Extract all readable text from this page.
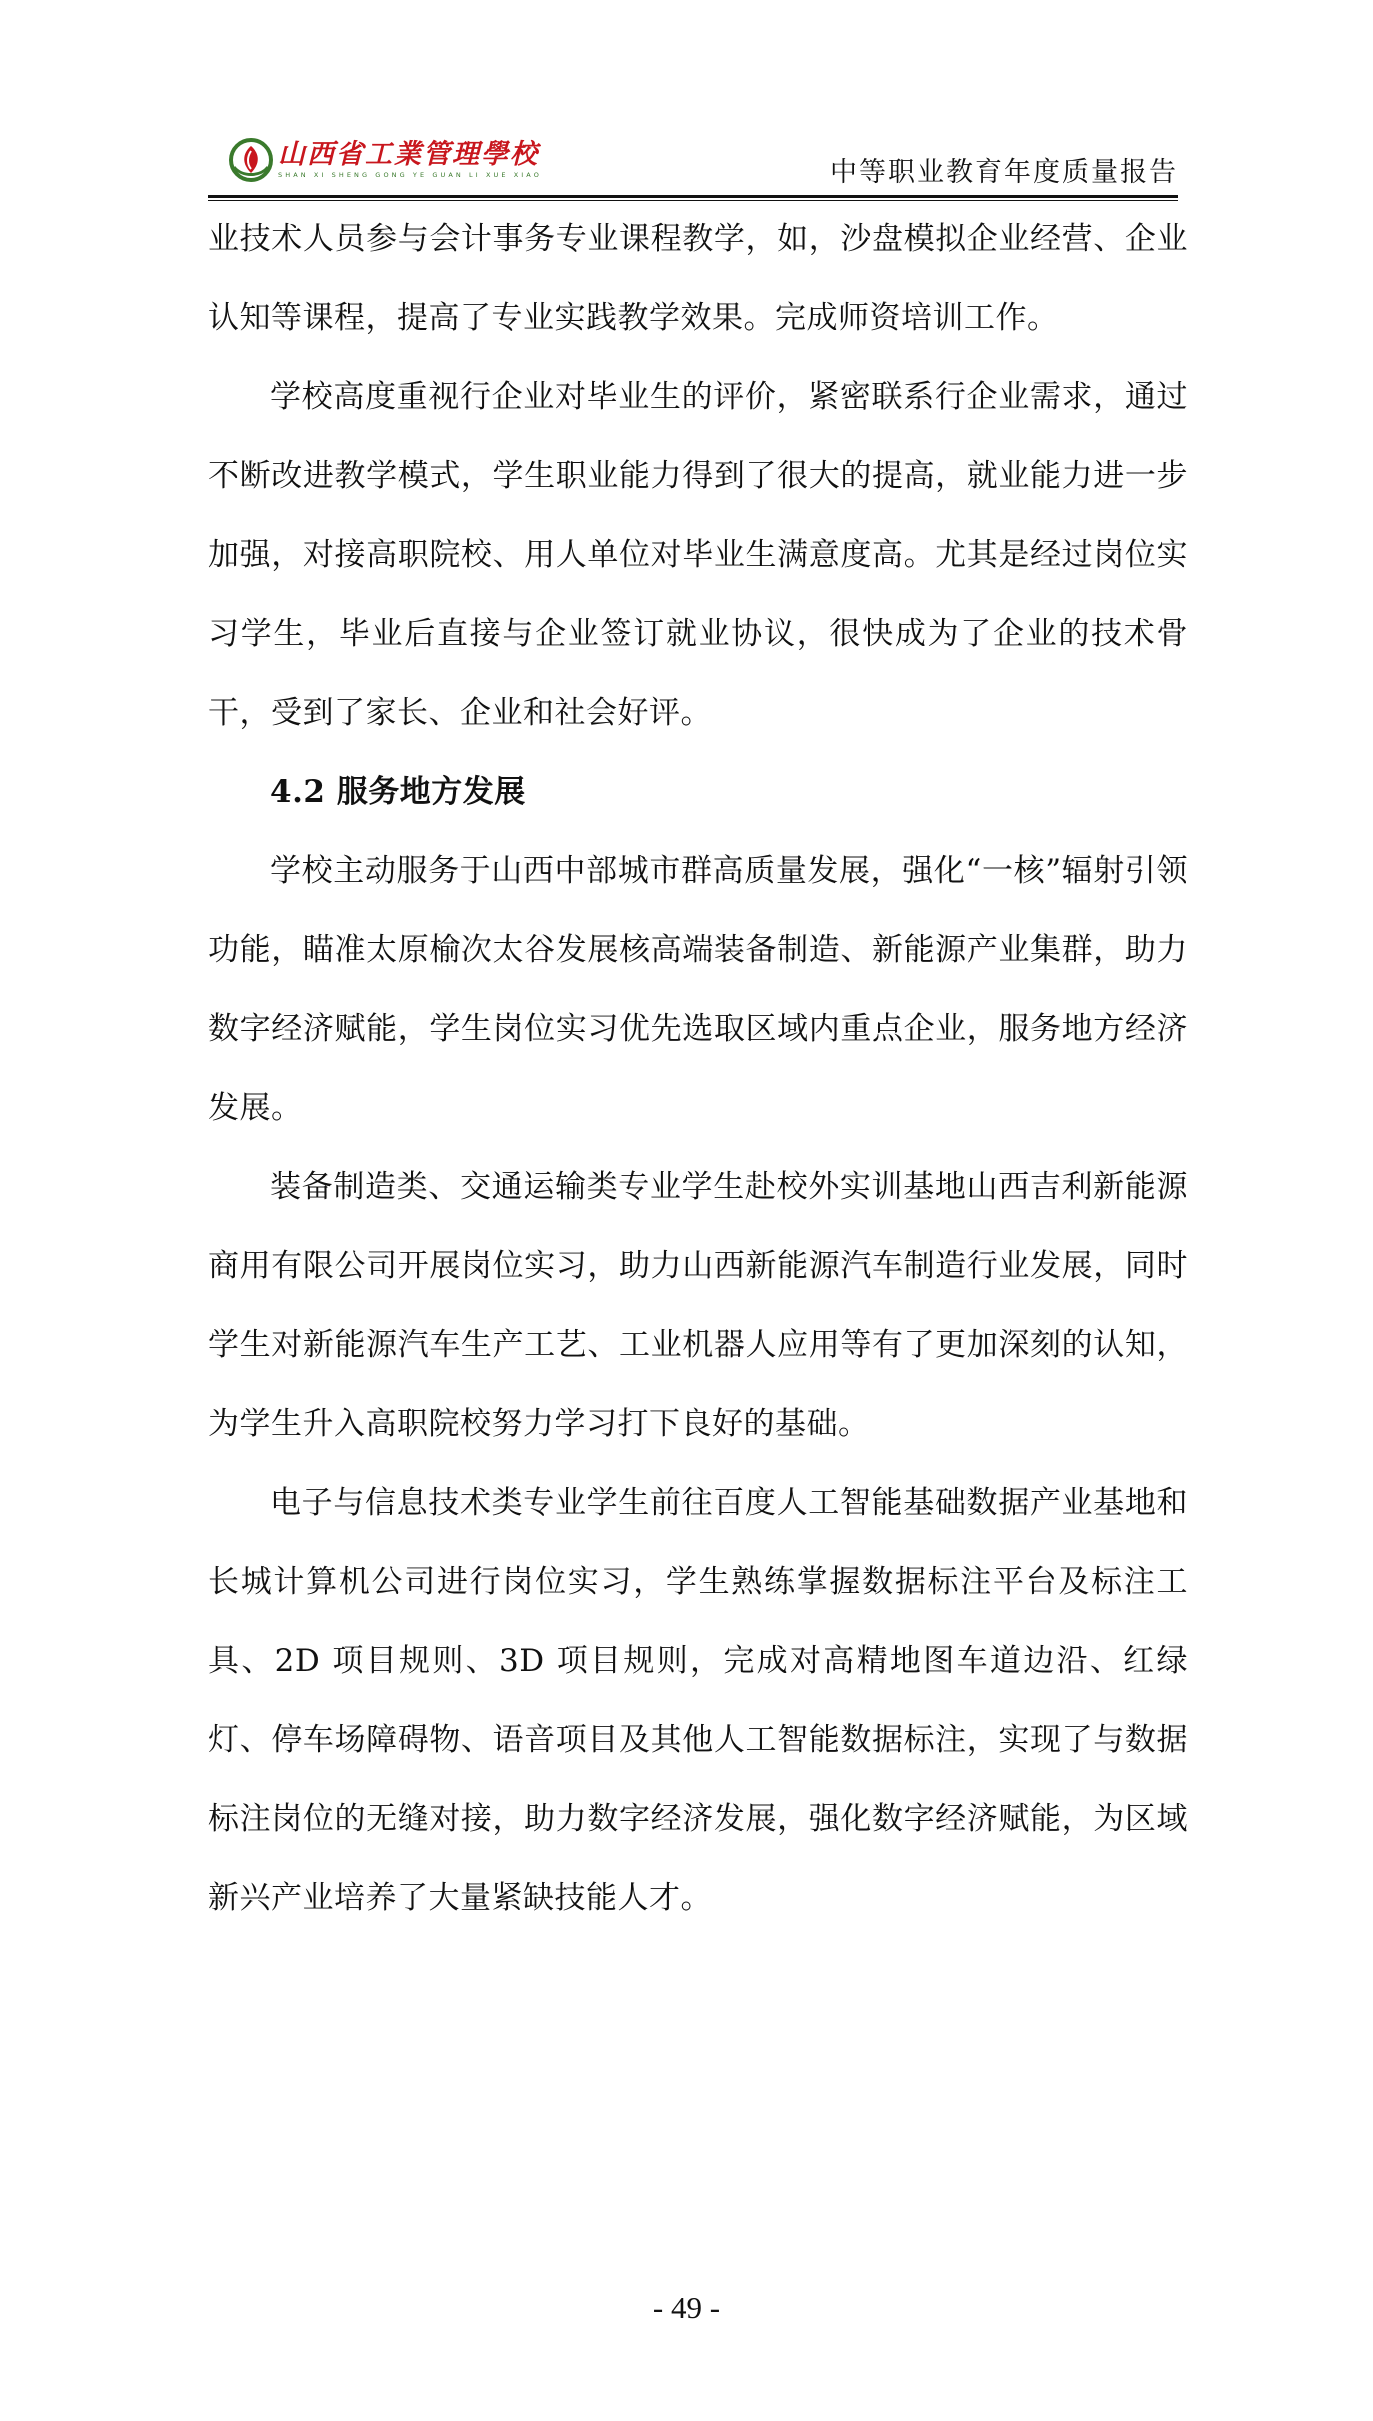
山西省工業管理學校
SHAN XI SHENG GONG YE GUAN LI XUE XIAO	中等职业教育年度质量报告

业技术人员参与会计事务专业课程教学，如，沙盘模拟企业经营、企业认知等课程，提高了专业实践教学效果。完成师资培训工作。

学校高度重视行企业对毕业生的评价，紧密联系行企业需求，通过不断改进教学模式，学生职业能力得到了很大的提高，就业能力进一步加强，对接高职院校、用人单位对毕业生满意度高。尤其是经过岗位实习学生，毕业后直接与企业签订就业协议，很快成为了企业的技术骨干，受到了家长、企业和社会好评。

4.2 服务地方发展

学校主动服务于山西中部城市群高质量发展，强化“一核”辐射引领功能，瞄准太原榆次太谷发展核高端装备制造、新能源产业集群，助力数字经济赋能，学生岗位实习优先选取区域内重点企业，服务地方经济发展。

装备制造类、交通运输类专业学生赴校外实训基地山西吉利新能源商用有限公司开展岗位实习，助力山西新能源汽车制造行业发展，同时学生对新能源汽车生产工艺、工业机器人应用等有了更加深刻的认知，为学生升入高职院校努力学习打下良好的基础。

电子与信息技术类专业学生前往百度人工智能基础数据产业基地和长城计算机公司进行岗位实习，学生熟练掌握数据标注平台及标注工具、2D 项目规则、3D 项目规则，完成对高精地图车道边沿、红绿灯、停车场障碍物、语音项目及其他人工智能数据标注，实现了与数据标注岗位的无缝对接，助力数字经济发展，强化数字经济赋能，为区域新兴产业培养了大量紧缺技能人才。

- 49 -
